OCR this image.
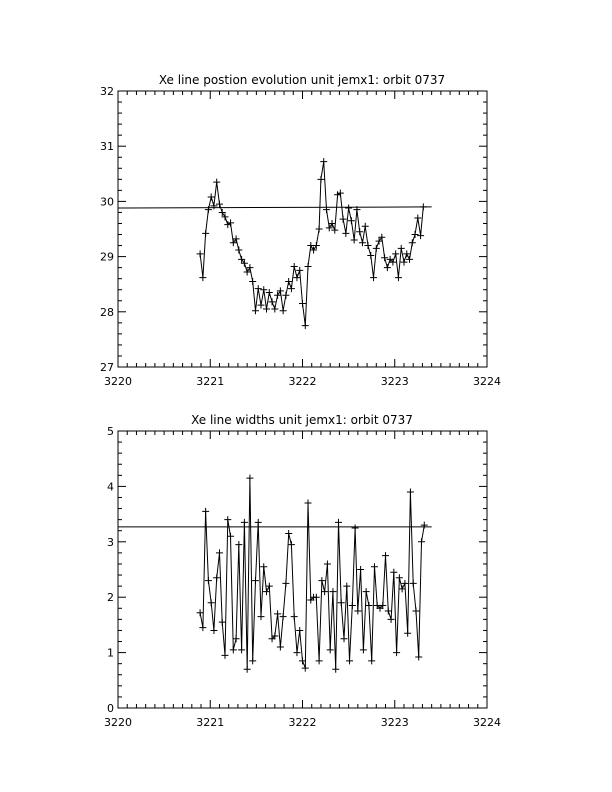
Xe line postion evolution unit jemx1: orbit 0737
3220	3221	3222	3223	3224
27
28
29
30
31
32
Xe line widths unit jemx1: orbit 0737
3220	3221	3222	3223	3224
0
1
2
3
4
5
